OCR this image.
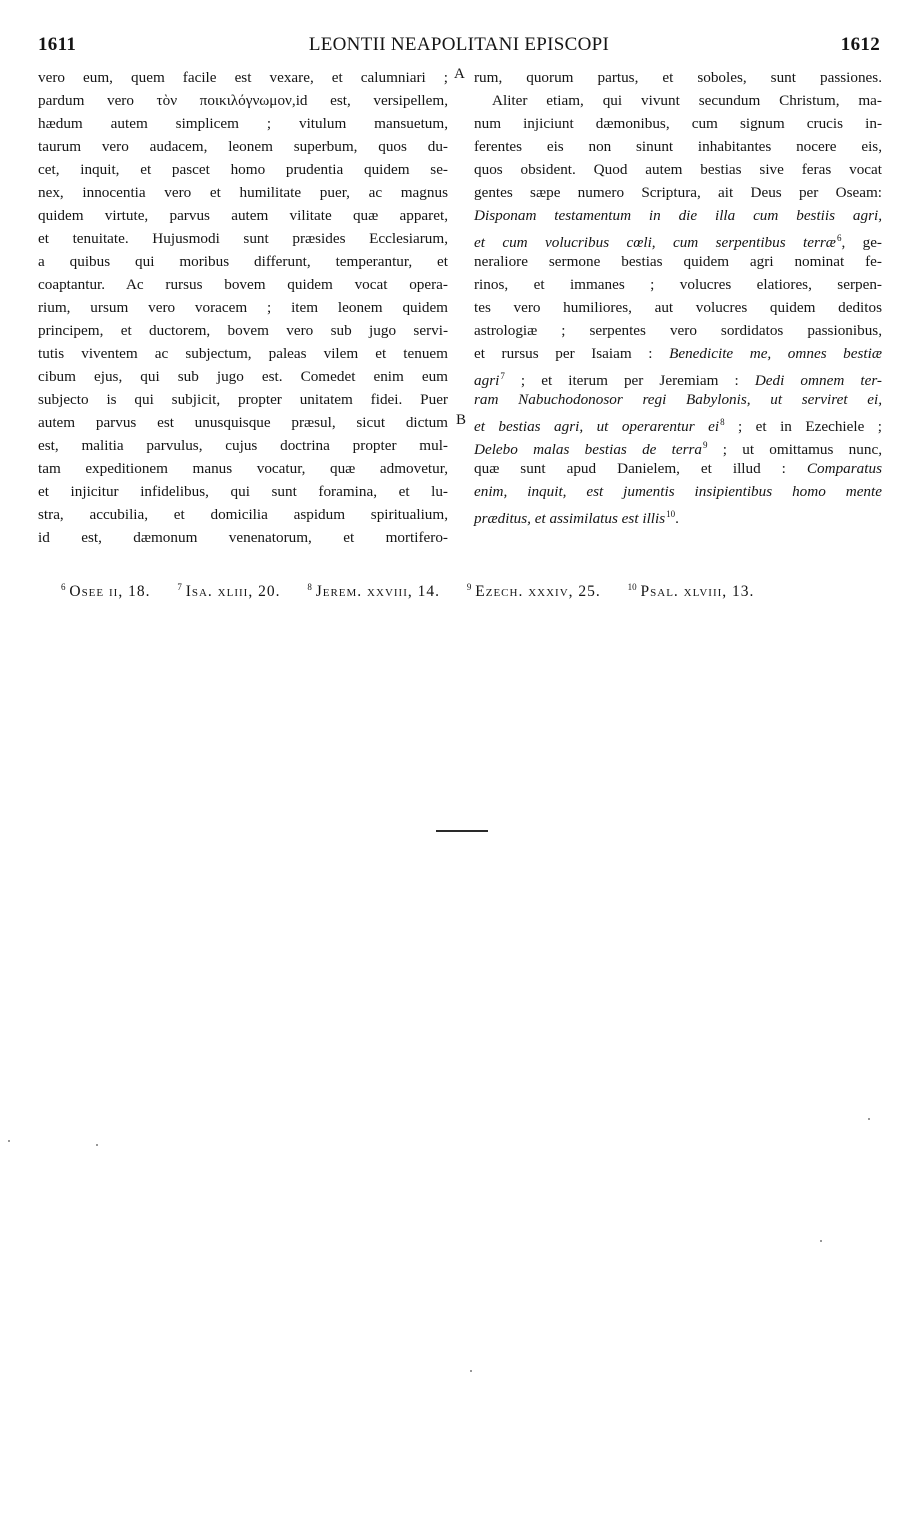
1611	LEONTII NEAPOLITANI EPISCOPI	1612
vero eum, quem facile est vexare, et calumniari ;
pardum vero τὸν ποικιλόγνωμον,id est, versipellem,
hædum autem simplicem ; vitulum mansuetum,
taurum vero audacem, leonem superbum, quos du-
cet, inquit, et pascet homo prudentia quidem se-
nex, innocentia vero et humilitate puer, ac magnus
quidem virtute, parvus autem vilitate quæ apparet,
et tenuitate. Hujusmodi sunt præsides Ecclesiarum,
a quibus qui moribus differunt, temperantur, et
coaptantur. Ac rursus bovem quidem vocat opera-
rium, ursum vero voracem ; item leonem quidem
principem, et ductorem, bovem vero sub jugo servi-
tutis viventem ac subjectum, paleas vilem et tenuem
cibum ejus, qui sub jugo est. Comedet enim eum
subjecto is qui subjicit, propter unitatem fidei. Puer
autem parvus est unusquisque præsul, sicut dictum
est, malitia parvulus, cujus doctrina propter mul-
tam expeditionem manus vocatur, quæ admovetur,
et injicitur infidelibus, qui sunt foramina, et lu-
stra, accubilia, et domicilia aspidum spiritualium,
id est, dæmonum venenatorum, et mortifero-
A
B
rum, quorum partus, et soboles, sunt passiones.
Aliter etiam, qui vivunt secundum Christum, ma-
num injiciunt dæmonibus, cum signum crucis in-
ferentes eis non sinunt inhabitantes nocere eis,
quos obsident. Quod autem bestias sive feras vocat
gentes sæpe numero Scriptura, ait Deus per Oseam:
Disponam testamentum in die illa cum bestiis agri,
et cum volucribus cœli, cum serpentibus terræ$^6$, ge-
neraliore sermone bestias quidem agri nominat fe-
rinos, et immanes ; volucres elatiores, serpen-
tes vero humiliores, aut volucres quidem deditos
astrologiæ ; serpentes vero sordidatos passionibus,
et rursus per Isaiam : Benedicite me, omnes bestiæ
agri$^7$ ; et iterum per Jeremiam : Dedi omnem ter-
ram Nabuchodonosor regi Babylonis, ut serviret ei,
et bestias agri, ut operarentur $ei^8$ ; et in Ezechiele ;
Delebo malas bestias de terra$^9$ ; ut omittamus nunc,
quæ sunt apud Danielem, et illud : Comparatus
enim, inquit, est jumentis insipientibus homo mente
præditus, et assimilatus est illis$^{10}$.
$^6$ Osee ii, 18.	$^7$ Isa. xliii, 20.	$^8$ Jerem. xxviii, 14.	$^9$ Ezech. xxxiv, 25.	$^{10}$ Psal. xlviii, 13.
